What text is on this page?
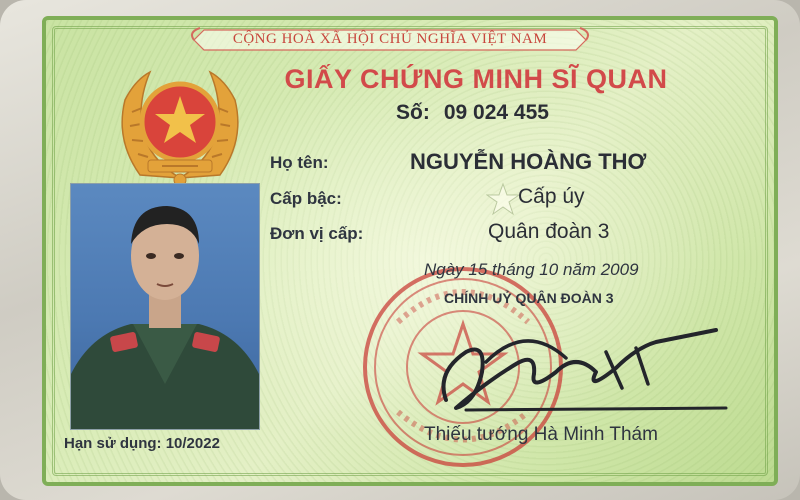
CỘNG HOÀ XÃ HỘI CHỦ NGHĨA VIỆT NAM
GIẤY CHỨNG MINH SĨ QUAN
Số: 09 024 455
Họ tên:	NGUYỄN HOÀNG THƠ
Cấp bậc:	Cấp úy
Đơn vị cấp:	Quân đoàn 3
Ngày 15 tháng 10 năm 2009
CHÍNH UỶ QUÂN ĐOÀN 3
Thiếu tướng Hà Minh Thám
Hạn sử dụng: 10/2022
